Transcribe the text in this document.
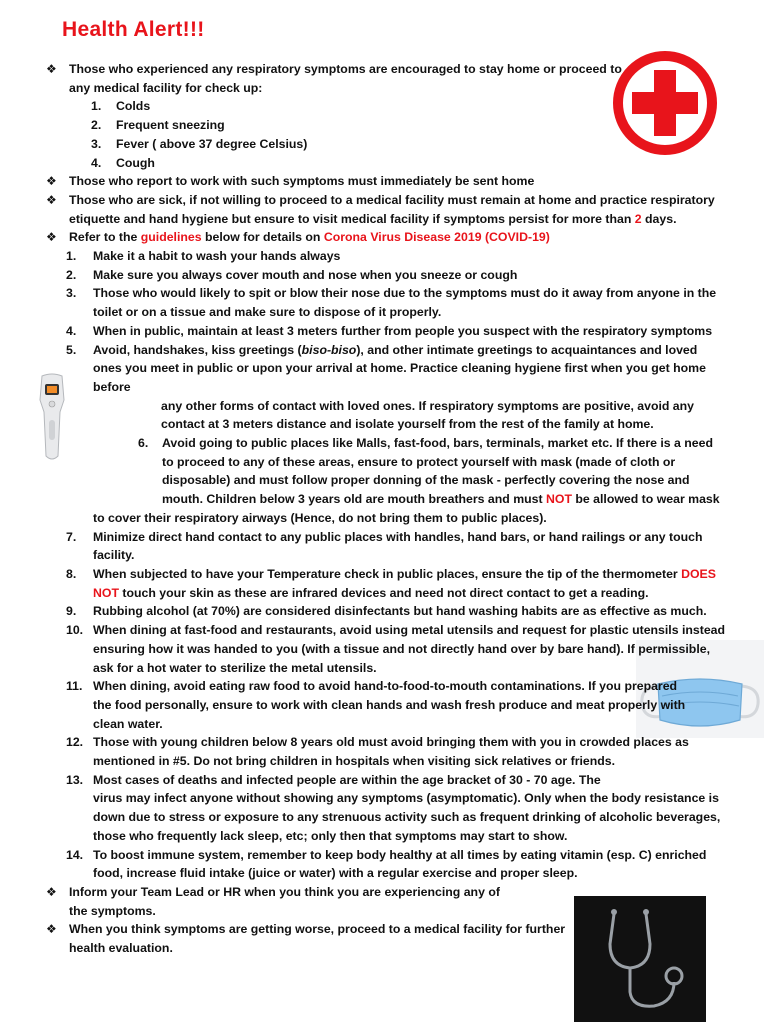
Health Alert!!!
❖ Those who experienced any respiratory symptoms are encouraged to stay home or proceed to any medical facility for check up:
1. Colds
2. Frequent sneezing
3. Fever ( above 37 degree Celsius)
4. Cough
❖ Those who report to work with such symptoms must immediately be sent home
❖ Those who are sick, if not willing to proceed to a medical facility must remain at home and practice respiratory etiquette and hand hygiene but ensure to visit medical facility if symptoms persist for more than 2 days.
❖ Refer to the guidelines below for details on Corona Virus Disease 2019 (COVID-19)
1. Make it a habit to wash your hands always
2. Make sure you always cover mouth and nose when you sneeze or cough
3. Those who would likely to spit or blow their nose due to the symptoms must do it away from anyone in the toilet or on a tissue and make sure to dispose of it properly.
4. When in public, maintain at least 3 meters further from people you suspect with the respiratory symptoms
5. Avoid, handshakes, kiss greetings (biso-biso), and other intimate greetings to acquaintances and loved ones you meet in public or upon your arrival at home. Practice cleaning hygiene first when you get home before
any other forms of contact with loved ones. If respiratory symptoms are positive, avoid any contact at 3 meters distance and isolate yourself from the rest of the family at home.
6. Avoid going to public places like Malls, fast-food, bars, terminals, market etc. If there is a need to proceed to any of these areas, ensure to protect yourself with mask (made of cloth or disposable) and must follow proper donning of the mask - perfectly covering the nose and mouth. Children below 3 years old are mouth breathers and must NOT be allowed to wear mask
to cover their respiratory airways (Hence, do not bring them to public places).
7. Minimize direct hand contact to any public places with handles, hand bars, or hand railings or any touch facility.
8. When subjected to have your Temperature check in public places, ensure the tip of the thermometer DOES NOT touch your skin as these are infrared devices and need not direct contact to get a reading.
9. Rubbing alcohol (at 70%) are considered disinfectants but hand washing habits are as effective as much.
10. When dining at fast-food and restaurants, avoid using metal utensils and request for plastic utensils instead ensuring how it was handed to you (with a tissue and not directly hand over by bare hand). If permissible, ask for a hot water to sterilize the metal utensils.
11. When dining, avoid eating raw food to avoid hand-to-food-to-mouth contaminations. If you prepared the food personally, ensure to work with clean hands and wash fresh produce and meat properly with clean water.
12. Those with young children below 8 years old must avoid bringing them with you in crowded places as mentioned in #5. Do not bring children in hospitals when visiting sick relatives or friends.
13. Most cases of deaths and infected people are within the age bracket of 30 - 70 age. The
virus may infect anyone without showing any symptoms (asymptomatic). Only when the body resistance is down due to stress or exposure to any strenuous activity such as frequent drinking of alcoholic beverages, those who frequently lack sleep, etc; only then that symptoms may start to show.
14. To boost immune system, remember to keep body healthy at all times by eating vitamin (esp. C) enriched food, increase fluid intake (juice or water) with a regular exercise and proper sleep.
❖ Inform your Team Lead or HR when you think you are experiencing any of the symptoms.
❖ When you think symptoms are getting worse, proceed to a medical facility for further health evaluation.
